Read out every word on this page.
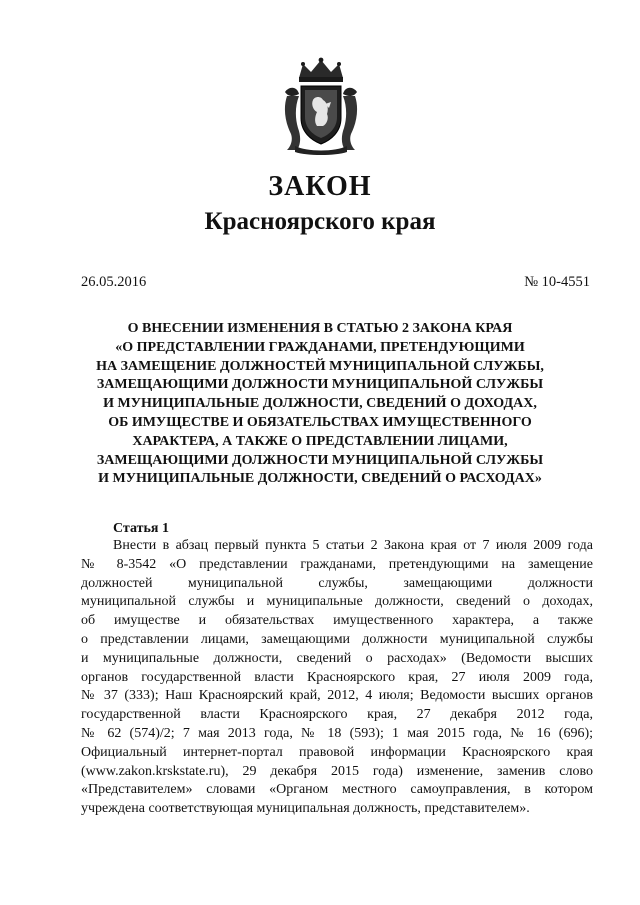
ЗАКОН
Красноярского края
26.05.2016	№ 10-4551
О ВНЕСЕНИИ ИЗМЕНЕНИЯ В СТАТЬЮ 2 ЗАКОНА КРАЯ
«О ПРЕДСТАВЛЕНИИ ГРАЖДАНАМИ, ПРЕТЕНДУЮЩИМИ
НА ЗАМЕЩЕНИЕ ДОЛЖНОСТЕЙ МУНИЦИПАЛЬНОЙ СЛУЖБЫ,
ЗАМЕЩАЮЩИМИ ДОЛЖНОСТИ МУНИЦИПАЛЬНОЙ СЛУЖБЫ
И МУНИЦИПАЛЬНЫЕ ДОЛЖНОСТИ, СВЕДЕНИЙ О ДОХОДАХ,
ОБ ИМУЩЕСТВЕ И ОБЯЗАТЕЛЬСТВАХ ИМУЩЕСТВЕННОГО
ХАРАКТЕРА, А ТАКЖЕ О ПРЕДСТАВЛЕНИИ ЛИЦАМИ,
ЗАМЕЩАЮЩИМИ ДОЛЖНОСТИ МУНИЦИПАЛЬНОЙ СЛУЖБЫ
И МУНИЦИПАЛЬНЫЕ ДОЛЖНОСТИ, СВЕДЕНИЙ О РАСХОДАХ»
Статья 1
Внести в абзац первый пункта 5 статьи 2 Закона края от 7 июля 2009 года
№ 8-3542 «О представлении гражданами, претендующими на замещение
должностей муниципальной службы, замещающими должности
муниципальной службы и муниципальные должности, сведений о доходах,
об имуществе и обязательствах имущественного характера, а также
о представлении лицами, замещающими должности муниципальной службы
и муниципальные должности, сведений о расходах» (Ведомости высших
органов государственной власти Красноярского края, 27 июля 2009 года,
№ 37 (333); Наш Красноярский край, 2012, 4 июля; Ведомости высших органов
государственной власти Красноярского края, 27 декабря 2012 года,
№ 62 (574)/2; 7 мая 2013 года, № 18 (593); 1 мая 2015 года, № 16 (696);
Официальный интернет-портал правовой информации Красноярского края
(www.zakon.krskstate.ru), 29 декабря 2015 года) изменение, заменив слово
«Представителем» словами «Органом местного самоуправления, в котором
учреждена соответствующая муниципальная должность, представителем».
